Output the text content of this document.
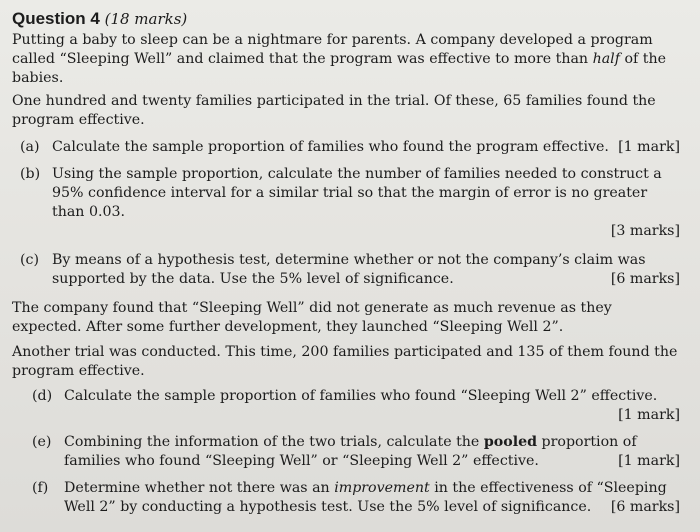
Question 4 (18 marks)

Putting a baby to sleep can be a nightmare for parents. A company developed a program called “Sleeping Well” and claimed that the program was effective to more than half of the babies.

One hundred and twenty families participated in the trial. Of these, 65 families found the program effective.

(a) Calculate the sample proportion of families who found the program effective. [1 mark]
(b) Using the sample proportion, calculate the number of families needed to construct a 95% confidence interval for a similar trial so that the margin of error is no greater than 0.03.
[3 marks]
(c) By means of a hypothesis test, determine whether or not the company’s claim was supported by the data. Use the 5% level of significance.	[6 marks]

The company found that “Sleeping Well” did not generate as much revenue as they expected. After some further development, they launched “Sleeping Well 2”.

Another trial was conducted. This time, 200 families participated and 135 of them found the program effective.

(d) Calculate the sample proportion of families who found “Sleeping Well 2” effective.
[1 mark]
(e) Combining the information of the two trials, calculate the pooled proportion of families who found “Sleeping Well” or “Sleeping Well 2” effective.	[1 mark]
(f)	Determine whether not there was an improvement in the effectiveness of “Sleeping Well 2” by conducting a hypothesis test. Use the 5% level of significance. [6 marks]
